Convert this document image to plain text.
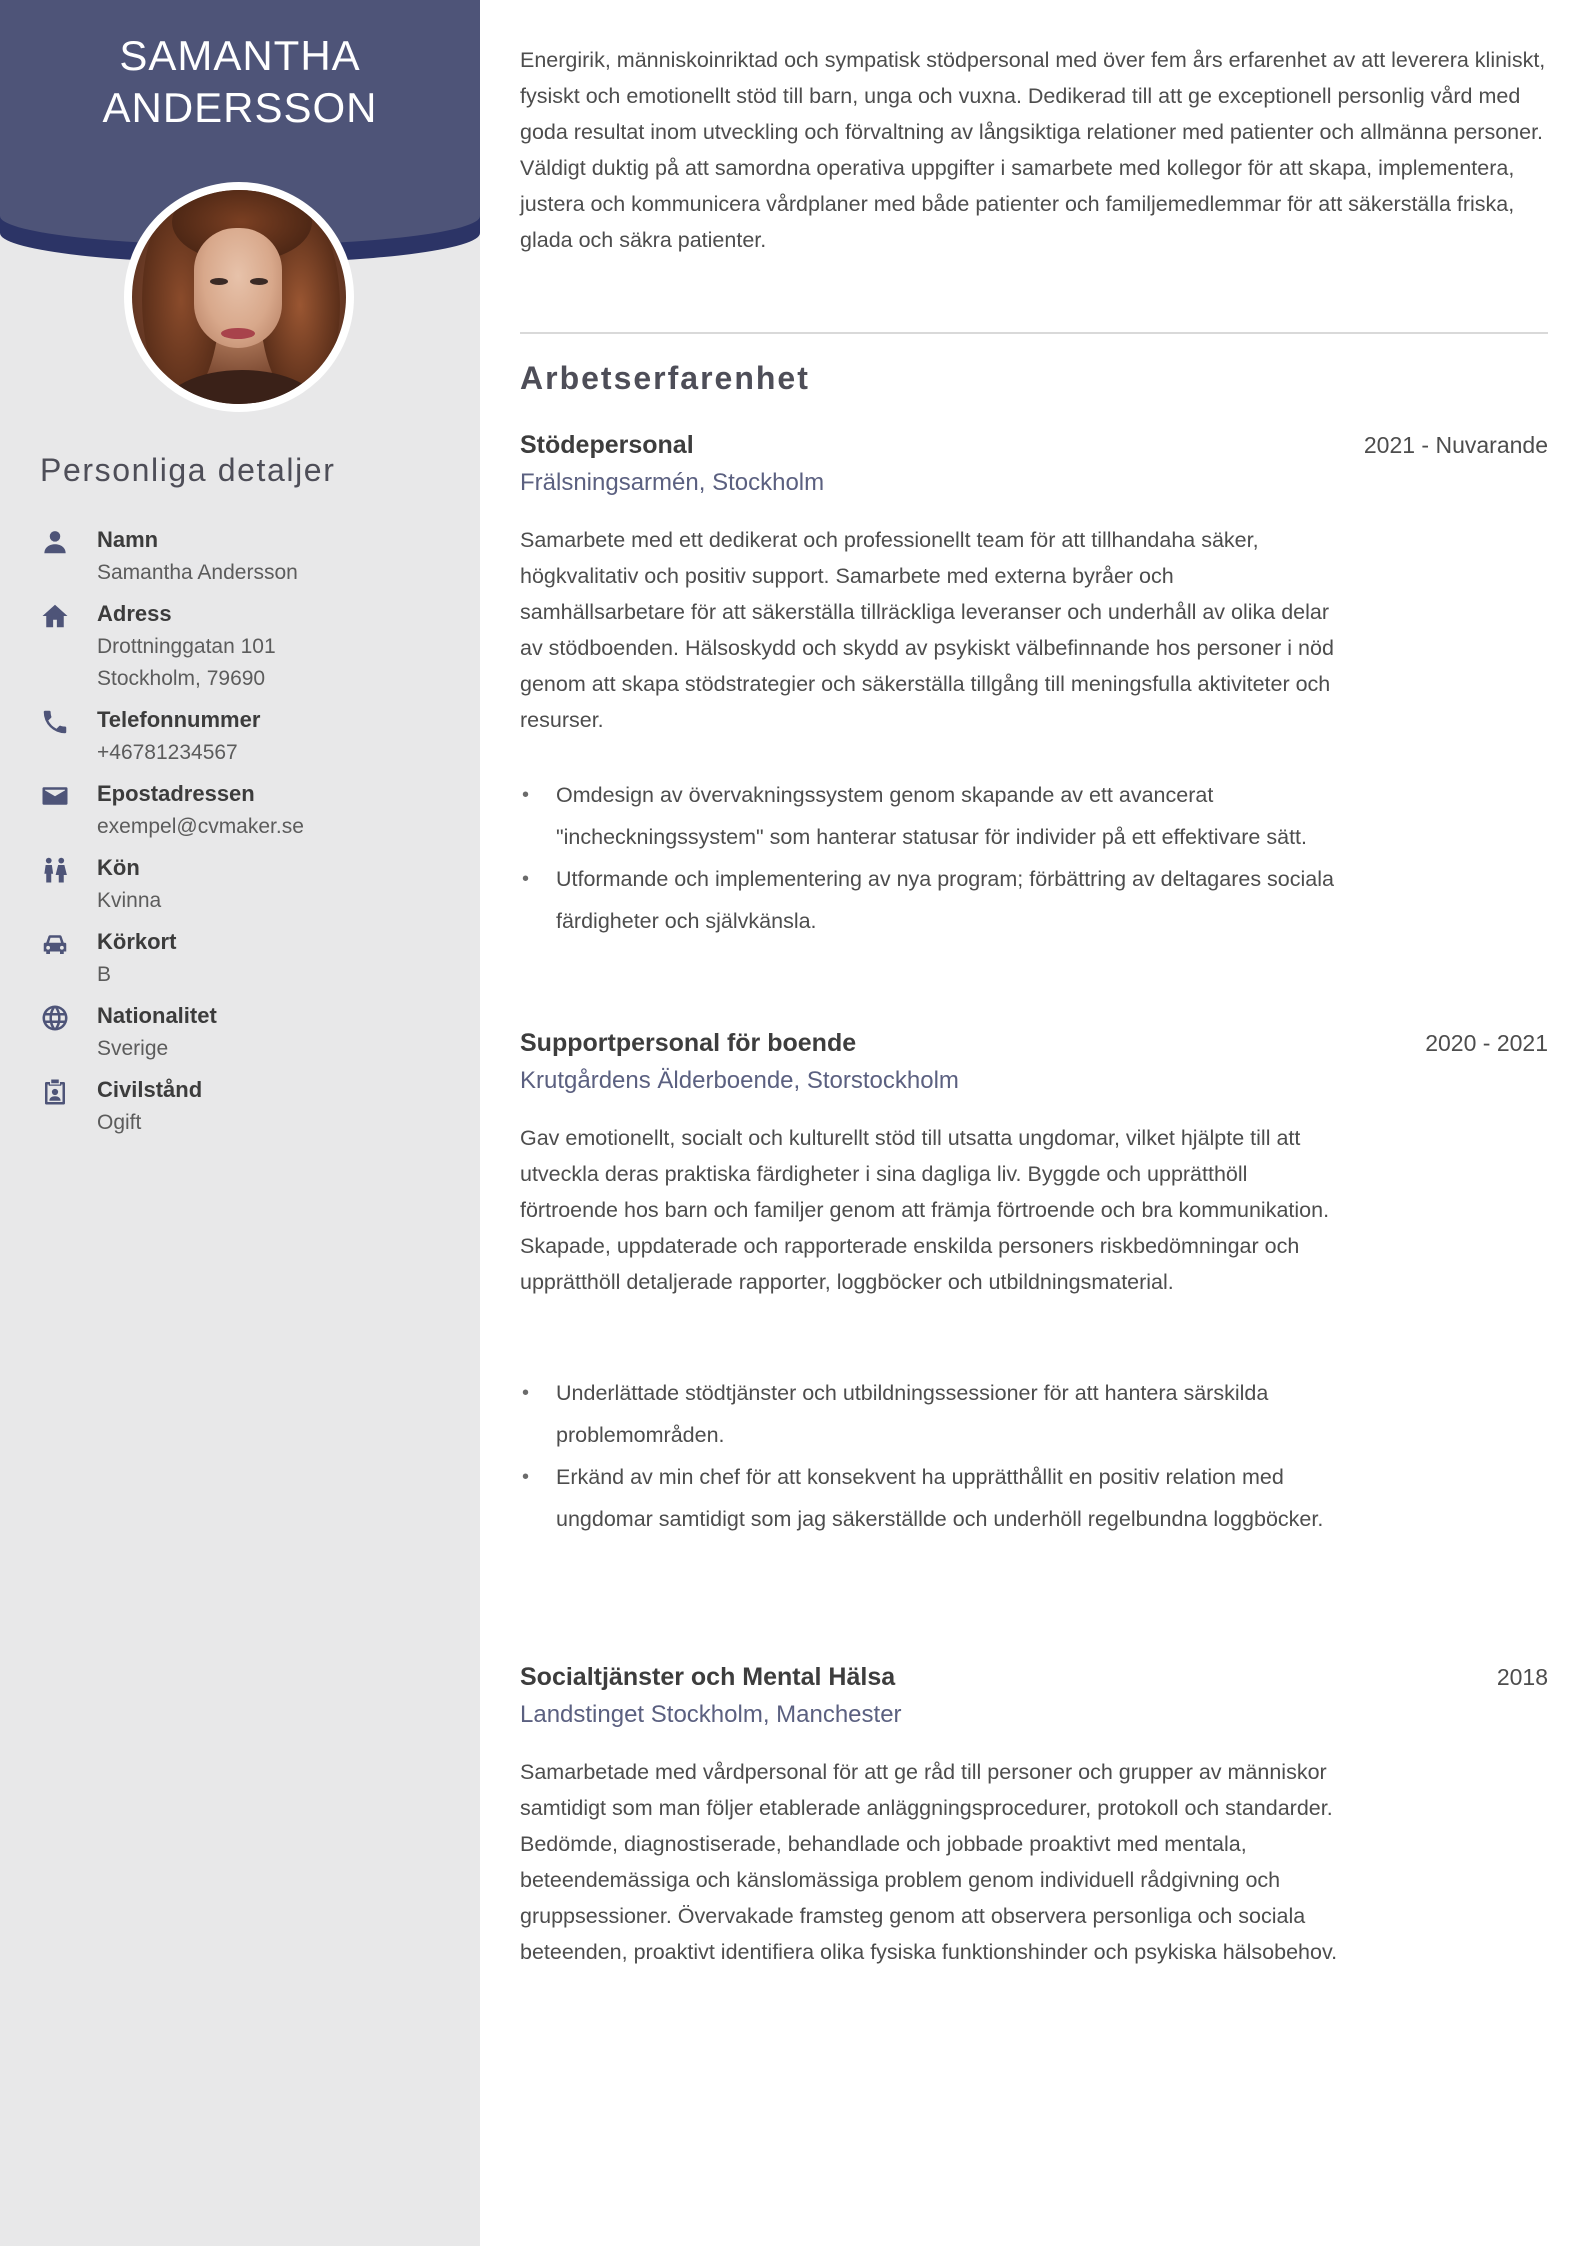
SAMANTHA
ANDERSSON
Personliga detaljer
Namn
Samantha Andersson
Adress
Drottninggatan 101
Stockholm, 79690
Telefonnummer
+46781234567
Epostadressen
exempel@cvmaker.se
Kön
Kvinna
Körkort
B
Nationalitet
Sverige
Civilstånd
Ogift

Energirik, människoinriktad och sympatisk stödpersonal med över fem års erfarenhet av att leverera kliniskt, fysiskt och emotionellt stöd till barn, unga och vuxna. Dedikerad till att ge exceptionell personlig vård med goda resultat inom utveckling och förvaltning av långsiktiga relationer med patienter och allmänna personer.

Väldigt duktig på att samordna operativa uppgifter i samarbete med kollegor för att skapa, implementera, justera och kommunicera vårdplaner med både patienter och familjemedlemmar för att säkerställa friska, glada och säkra patienter.

Arbetserfarenhet
Stödepersonal	2021 - Nuvarande
Frälsningsarmén, Stockholm

Samarbete med ett dedikerat och professionellt team för att tillhandaha säker, högkvalitativ och positiv support. Samarbete med externa byråer och samhällsarbetare för att säkerställa tillräckliga leveranser och underhåll av olika delar av stödboenden. Hälsoskydd och skydd av psykiskt välbefinnande hos personer i nöd genom att skapa stödstrategier och säkerställa tillgång till meningsfulla aktiviteter och resurser.

• Omdesign av övervakningssystem genom skapande av ett avancerat "incheckningssystem" som hanterar statusar för individer på ett effektivare sätt.
• Utformande och implementering av nya program; förbättring av deltagares sociala färdigheter och självkänsla.
Supportpersonal för boende	2020 - 2021
Krutgårdens Älderboende, Storstockholm

Gav emotionellt, socialt och kulturellt stöd till utsatta ungdomar, vilket hjälpte till att utveckla deras praktiska färdigheter i sina dagliga liv. Byggde och upprätthöll förtroende hos barn och familjer genom att främja förtroende och bra kommunikation. Skapade, uppdaterade och rapporterade enskilda personers riskbedömningar och upprätthöll detaljerade rapporter, loggböcker och utbildningsmaterial.

• Underlättade stödtjänster och utbildningssessioner för att hantera särskilda problemområden.
• Erkänd av min chef för att konsekvent ha upprätthållit en positiv relation med ungdomar samtidigt som jag säkerställde och underhöll regelbundna loggböcker.
Socialtjänster och Mental Hälsa	2018
Landstinget Stockholm, Manchester

Samarbetade med vårdpersonal för att ge råd till personer och grupper av människor samtidigt som man följer etablerade anläggningsprocedurer, protokoll och standarder. Bedömde, diagnostiserade, behandlade och jobbade proaktivt med mentala, beteendemässiga och känslomässiga problem genom individuell rådgivning och gruppsessioner. Övervakade framsteg genom att observera personliga och sociala beteenden, proaktivt identifiera olika fysiska funktionshinder och psykiska hälsobehov.
